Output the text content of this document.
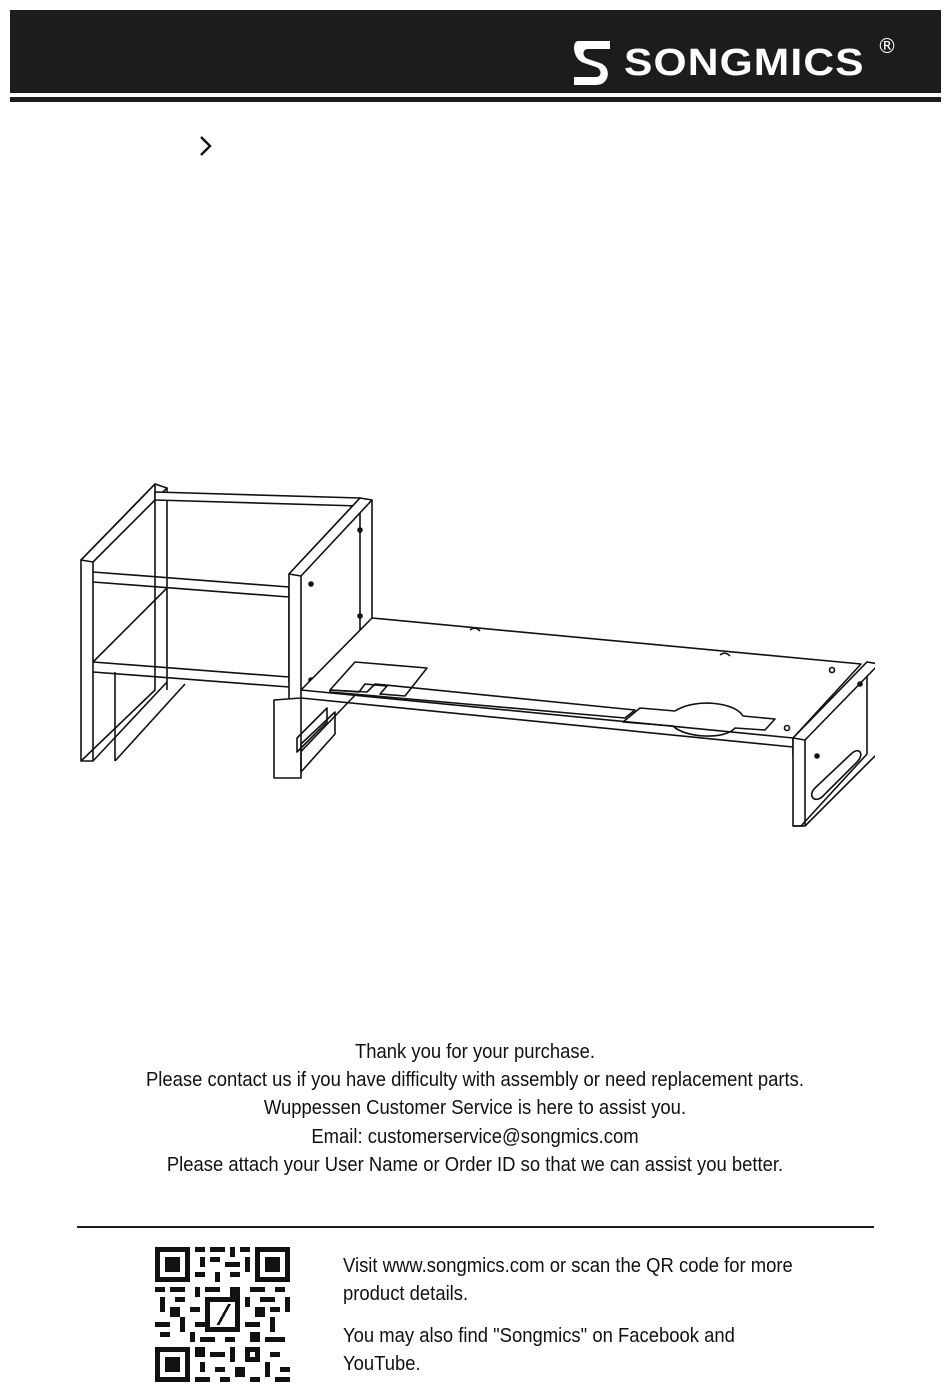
SONGMICS ®
Thank you for your purchase.
Please contact us if you have difficulty with assembly or need replacement parts.
Wuppessen Customer Service is here to assist you.
Email: customerservice@songmics.com
Please attach your User Name or Order ID so that we can assist you better.

Visit www.songmics.com or scan the QR code for more product details.

You may also find "Songmics" on Facebook and YouTube.
